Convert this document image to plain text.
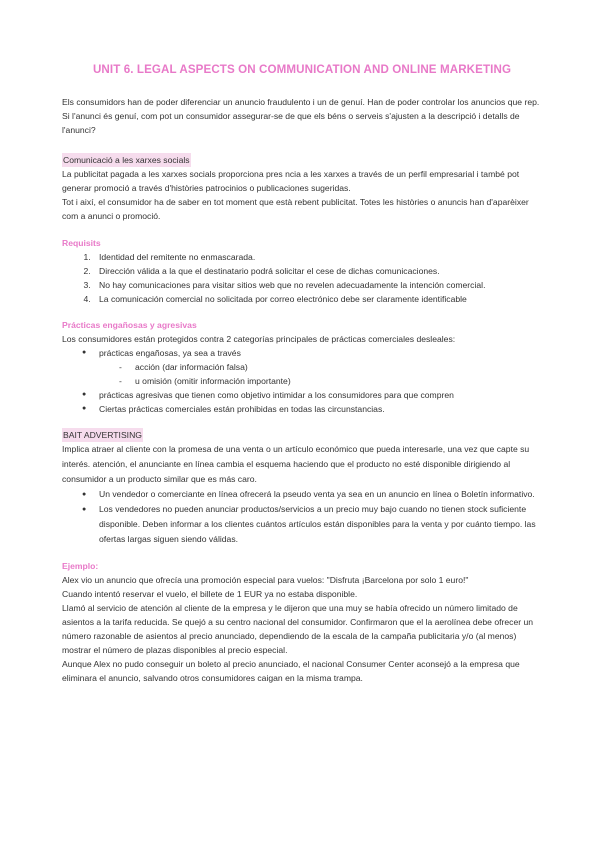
UNIT 6. LEGAL ASPECTS ON COMMUNICATION AND ONLINE MARKETING

Els consumidors han de poder diferenciar un anuncio fraudulento i un de genuí. Han de poder controlar los anuncios que rep. Si l'anunci és genuí, com pot un consumidor assegurar-se de que els béns o serveis s'ajusten a la descripció i detalls de l'anunci?

Comunicació a les xarxes socials

La publicitat pagada a les xarxes socials proporciona pres ncia a les xarxes a través de un perfil empresarial i també pot generar promoció a través d'històries patrocinios o publicaciones sugeridas.

Tot i així, el consumidor ha de saber en tot moment que està rebent publicitat. Totes les històries o anuncis han d'aparèixer com a anunci o promoció.

Requisits
1. Identidad del remitente no enmascarada.
2. Dirección válida a la que el destinatario podrá solicitar el cese de dichas comunicaciones.
3. No hay comunicaciones para visitar sitios web que no revelen adecuadamente la intención comercial.
4. La comunicación comercial no solicitada por correo electrónico debe ser claramente identificable
Prácticas engañosas y agresivas

Los consumidores están protegidos contra 2 categorías principales de prácticas comerciales desleales:

● prácticas engañosas, ya sea a través
- acción (dar información falsa)
- u omisión (omitir información importante)
● prácticas agresivas que tienen como objetivo intimidar a los consumidores para que compren
● Ciertas prácticas comerciales están prohibidas en todas las circunstancias.
BAIT ADVERTISING

Implica atraer al cliente con la promesa de una venta o un artículo económico que pueda interesarle, una vez que capte su interés. atención, el anunciante en línea cambia el esquema haciendo que el producto no esté disponible dirigiendo al consumidor a un producto similar que es más caro.

● Un vendedor o comerciante en línea ofrecerá la pseudo venta ya sea en un anuncio en línea o Boletín informativo.
● Los vendedores no pueden anunciar productos/servicios a un precio muy bajo cuando no tienen stock suficiente disponible. Deben informar a los clientes cuántos artículos están disponibles para la venta y por cuánto tiempo. las ofertas largas siguen siendo válidas.
Ejemplo:

Alex vio un anuncio que ofrecía una promoción especial para vuelos: "Disfruta ¡Barcelona por solo 1 euro!"

Cuando intentó reservar el vuelo, el billete de 1 EUR ya no estaba disponible.

Llamó al servicio de atención al cliente de la empresa y le dijeron que una muy se había ofrecido un número limitado de asientos a la tarifa reducida. Se quejó a su centro nacional del consumidor. Confirmaron que el la aerolínea debe ofrecer un número razonable de asientos al precio anunciado, dependiendo de la escala de la campaña publicitaria y/o (al menos) mostrar el número de plazas disponibles al precio especial.

Aunque Alex no pudo conseguir un boleto al precio anunciado, el nacional Consumer Center aconsejó a la empresa que eliminara el anuncio, salvando otros consumidores caigan en la misma trampa.
